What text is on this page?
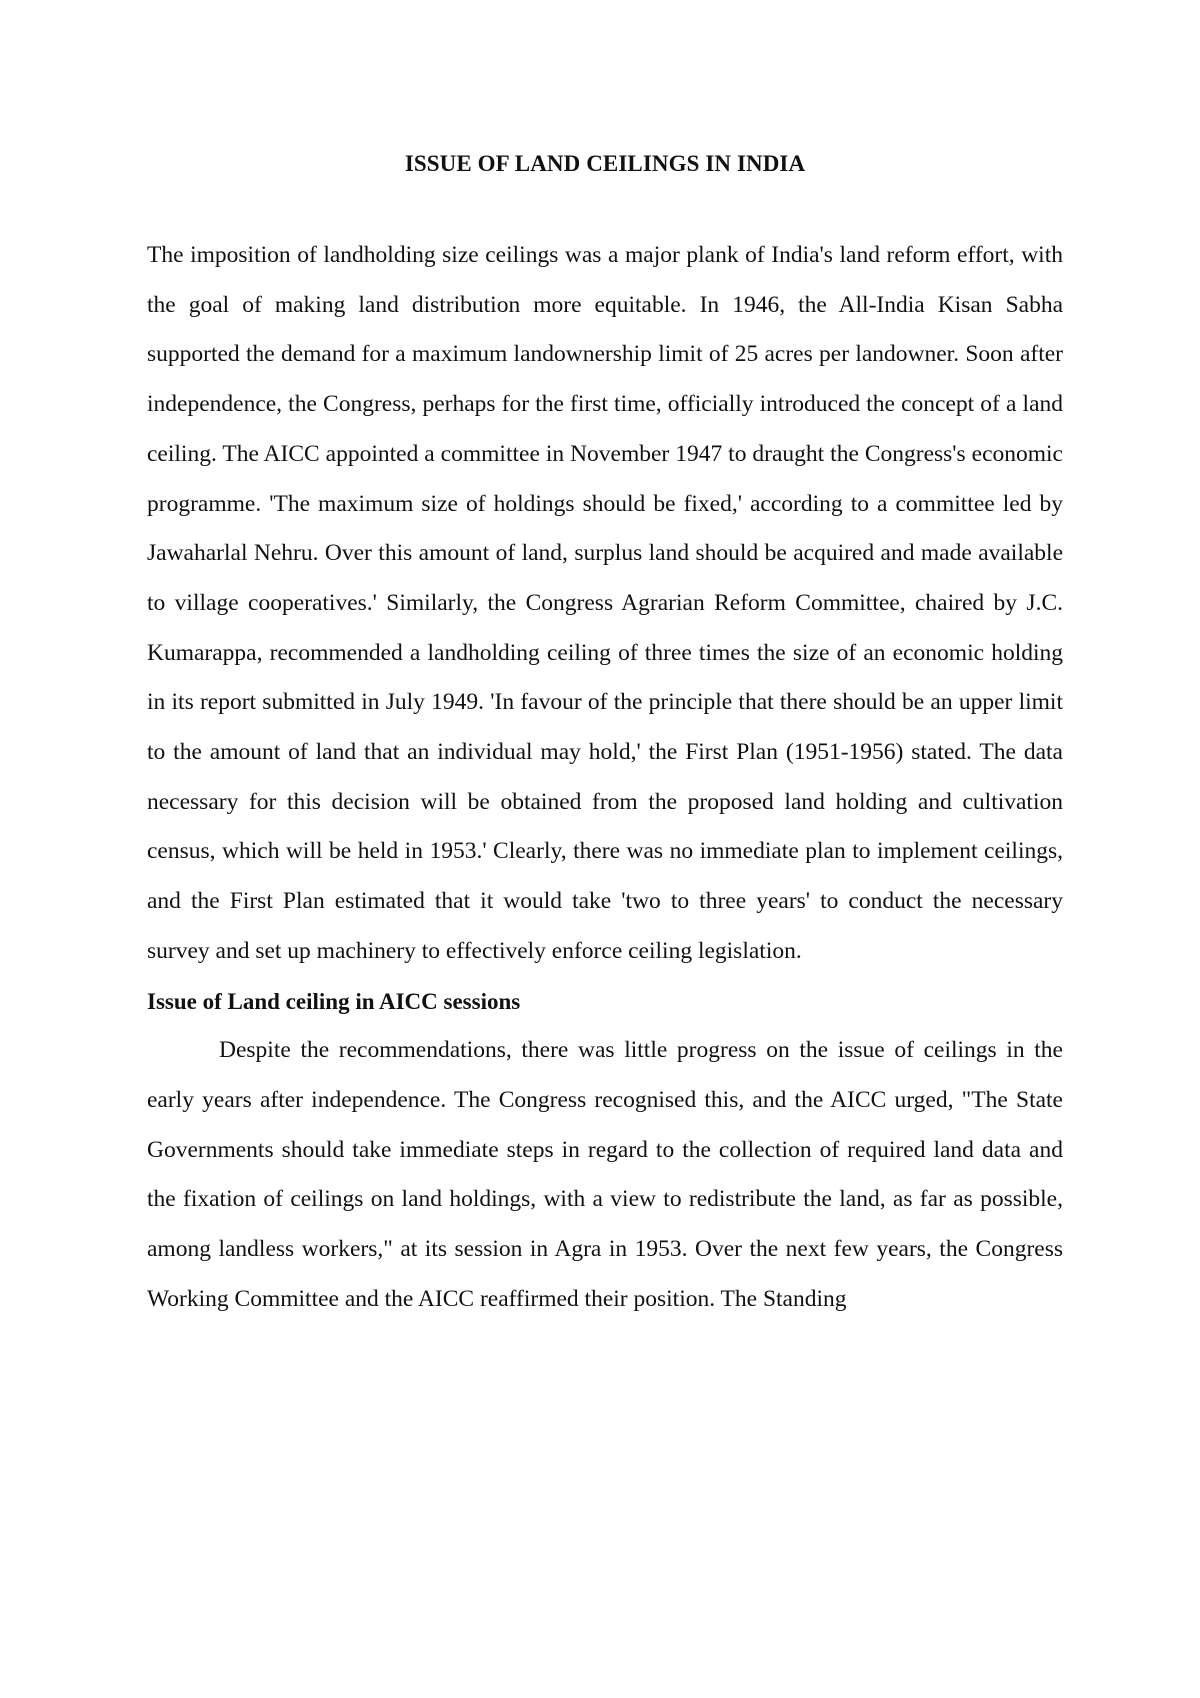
ISSUE OF LAND CEILINGS IN INDIA

The imposition of landholding size ceilings was a major plank of India's land reform effort, with the goal of making land distribution more equitable. In 1946, the All-India Kisan Sabha supported the demand for a maximum landownership limit of 25 acres per landowner. Soon after independence, the Congress, perhaps for the first time, officially introduced the concept of a land ceiling. The AICC appointed a committee in November 1947 to draught the Congress's economic programme. 'The maximum size of holdings should be fixed,' according to a committee led by Jawaharlal Nehru. Over this amount of land, surplus land should be acquired and made available to village cooperatives.' Similarly, the Congress Agrarian Reform Committee, chaired by J.C. Kumarappa, recommended a landholding ceiling of three times the size of an economic holding in its report submitted in July 1949. 'In favour of the principle that there should be an upper limit to the amount of land that an individual may hold,' the First Plan (1951-1956) stated. The data necessary for this decision will be obtained from the proposed land holding and cultivation census, which will be held in 1953.' Clearly, there was no immediate plan to implement ceilings, and the First Plan estimated that it would take 'two to three years' to conduct the necessary survey and set up machinery to effectively enforce ceiling legislation.

Issue of Land ceiling in AICC sessions

Despite the recommendations, there was little progress on the issue of ceilings in the early years after independence. The Congress recognised this, and the AICC urged, "The State Governments should take immediate steps in regard to the collection of required land data and the fixation of ceilings on land holdings, with a view to redistribute the land, as far as possible, among landless workers," at its session in Agra in 1953. Over the next few years, the Congress Working Committee and the AICC reaffirmed their position. The Standing
